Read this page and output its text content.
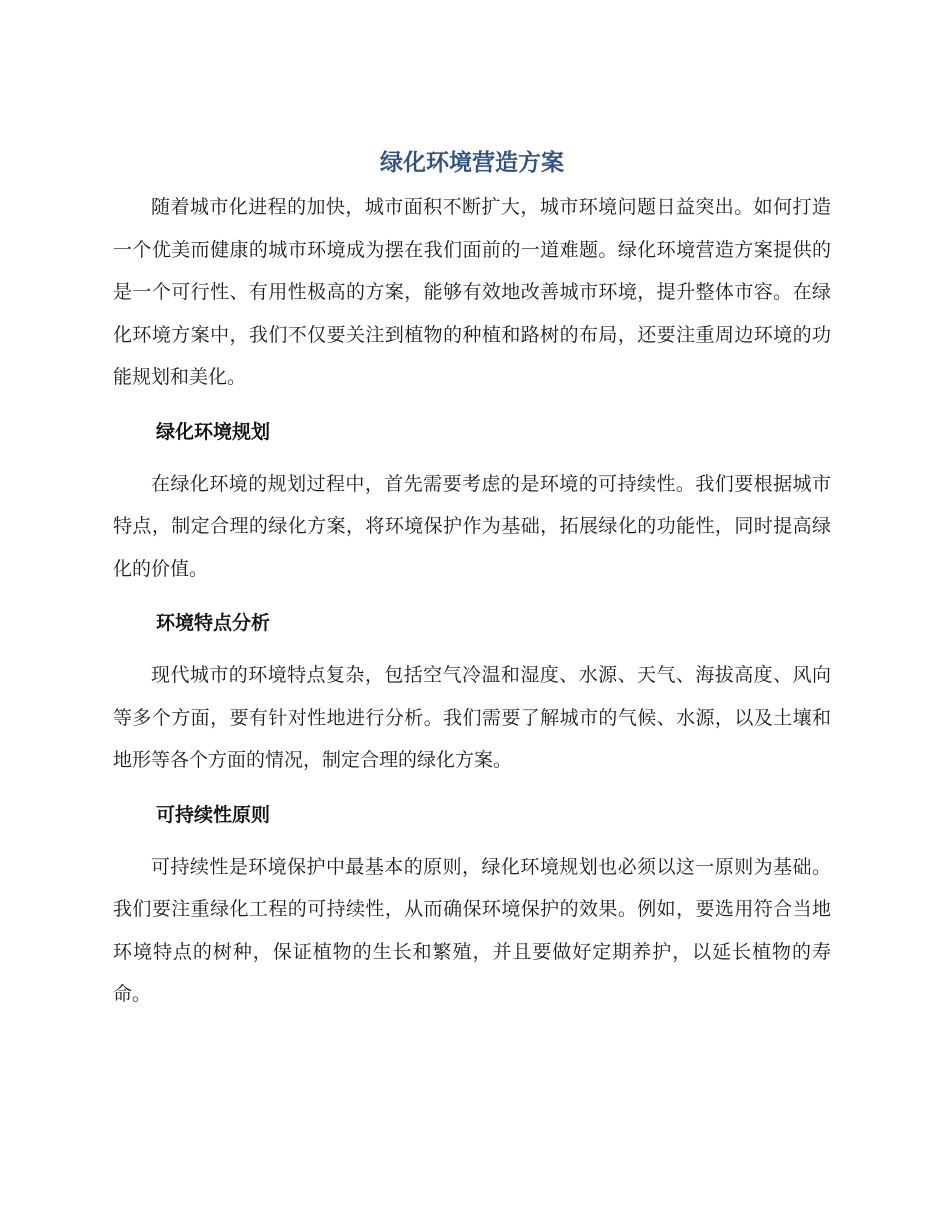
绿化环境营造方案

随着城市化进程的加快，城市面积不断扩大，城市环境问题日益突出。如何打造一个优美而健康的城市环境成为摆在我们面前的一道难题。绿化环境营造方案提供的是一个可行性、有用性极高的方案，能够有效地改善城市环境，提升整体市容。在绿化环境方案中，我们不仅要关注到植物的种植和路树的布局，还要注重周边环境的功能规划和美化。

绿化环境规划

在绿化环境的规划过程中，首先需要考虑的是环境的可持续性。我们要根据城市特点，制定合理的绿化方案，将环境保护作为基础，拓展绿化的功能性，同时提高绿化的价值。

环境特点分析

现代城市的环境特点复杂，包括空气冷温和湿度、水源、天气、海拔高度、风向等多个方面，要有针对性地进行分析。我们需要了解城市的气候、水源，以及土壤和地形等各个方面的情况，制定合理的绿化方案。

可持续性原则

可持续性是环境保护中最基本的原则，绿化环境规划也必须以这一原则为基础。我们要注重绿化工程的可持续性，从而确保环境保护的效果。例如，要选用符合当地环境特点的树种，保证植物的生长和繁殖，并且要做好定期养护，以延长植物的寿命。
